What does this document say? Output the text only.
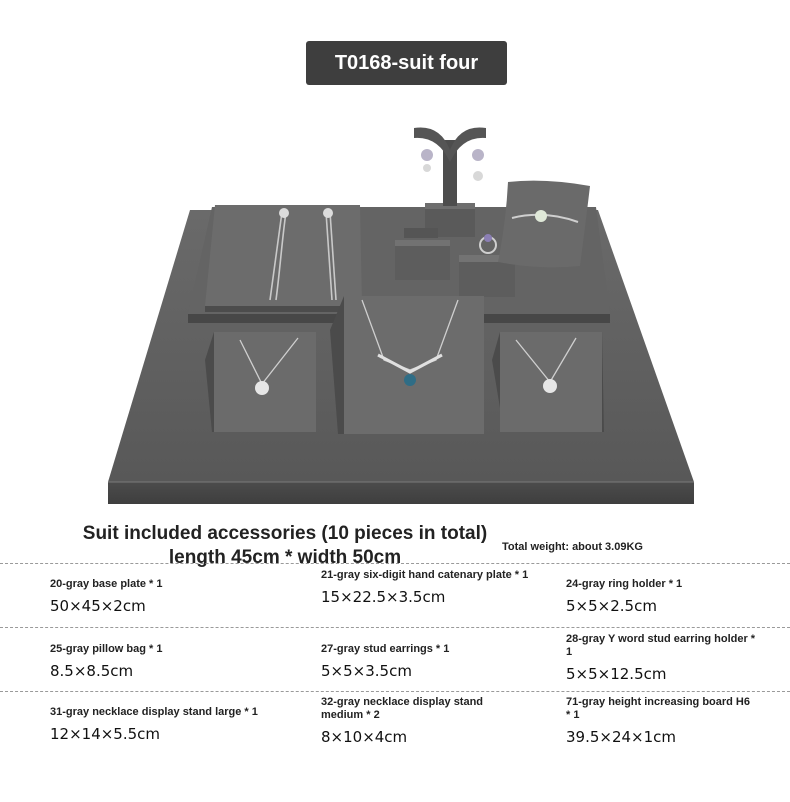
T0168-suit four
Suit included accessories (10 pieces in total) length 45cm * width 50cm	Total weight: about 3.09KG
20-gray base plate * 1
50×45×2cm
21-gray six-digit hand catenary plate * 1
15×22.5×3.5cm
24-gray ring holder * 1
5×5×2.5cm
25-gray pillow bag * 1
8.5×8.5cm
27-gray stud earrings * 1
5×5×3.5cm
28-gray Y word stud earring holder * 1
5×5×12.5cm
31-gray necklace display stand large * 1
12×14×5.5cm
32-gray necklace display stand medium * 2
8×10×4cm
71-gray height increasing board H6 * 1
39.5×24×1cm
